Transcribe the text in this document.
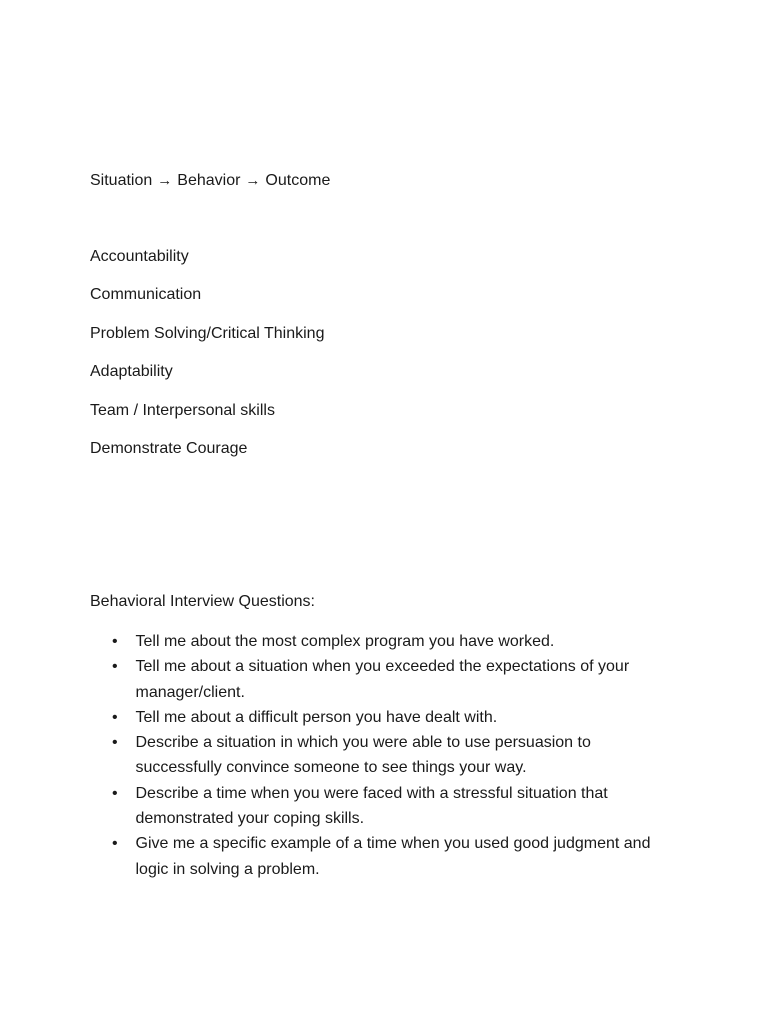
Situation → Behavior → Outcome
Accountability
Communication
Problem Solving/Critical Thinking
Adaptability
Team / Interpersonal skills
Demonstrate Courage
Behavioral Interview Questions:
• Tell me about the most complex program you have worked.
• Tell me about a situation when you exceeded the expectations of your manager/client.
• Tell me about a difficult person you have dealt with.
• Describe a situation in which you were able to use persuasion to successfully convince someone to see things your way.
• Describe a time when you were faced with a stressful situation that demonstrated your coping skills.
• Give me a specific example of a time when you used good judgment and logic in solving a problem.
